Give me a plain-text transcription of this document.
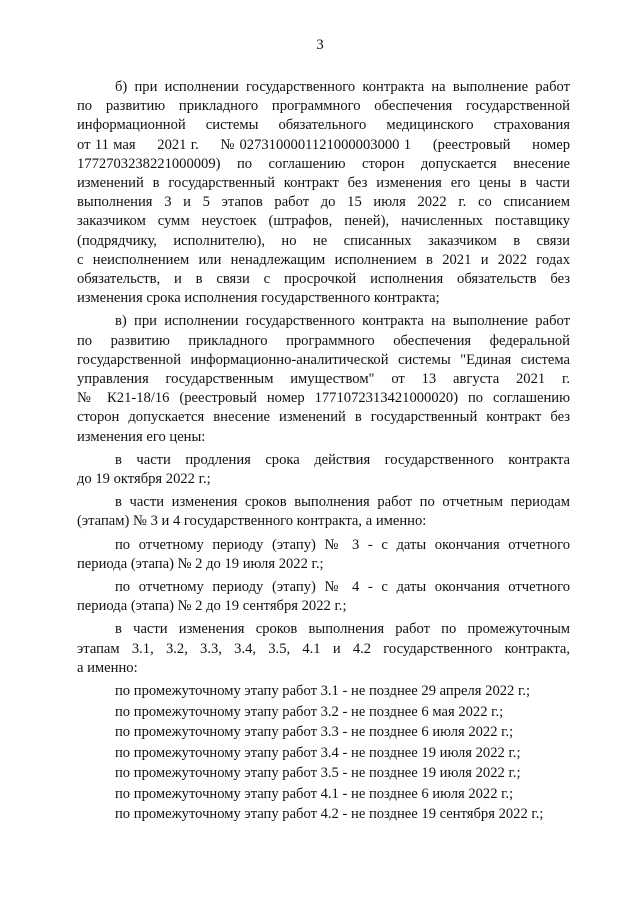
3
б) при исполнении государственного контракта на выполнение работ
по развитию прикладного программного обеспечения государственной
информационной системы обязательного медицинского страхования
от 11 мая     2021 г.     № 0273100001121000003000 1     (реестровый     номер
1772703238221000009) по соглашению сторон допускается внесение
изменений в государственный контракт без изменения его цены в части
выполнения 3 и 5 этапов работ до 15 июля 2022 г. со списанием
заказчиком сумм неустоек (штрафов, пеней), начисленных поставщику
(подрядчику, исполнителю), но не списанных заказчиком в связи
с неисполнением или ненадлежащим исполнением в 2021 и 2022 годах
обязательств, и в связи с просрочкой исполнения обязательств без
изменения срока исполнения государственного контракта;
в) при исполнении государственного контракта на выполнение работ
по развитию прикладного программного обеспечения федеральной
государственной информационно-аналитической системы "Единая система
управления государственным имуществом" от 13 августа 2021 г.
№ К21-18/16 (реестровый номер 1771072313421000020) по соглашению
сторон допускается внесение изменений в государственный контракт без
изменения его цены:
в части продления срока действия государственного контракта
до 19 октября 2022 г.;
в части изменения сроков выполнения работ по отчетным периодам
(этапам) № 3 и 4 государственного контракта, а именно:
по отчетному периоду (этапу) № 3 - с даты окончания отчетного
периода (этапа) № 2 до 19 июля 2022 г.;
по отчетному периоду (этапу) № 4 - с даты окончания отчетного
периода (этапа) № 2 до 19 сентября 2022 г.;
в части изменения сроков выполнения работ по промежуточным
этапам 3.1, 3.2, 3.3, 3.4, 3.5, 4.1 и 4.2 государственного контракта,
а именно:
по промежуточному этапу работ 3.1 - не позднее 29 апреля 2022 г.;
по промежуточному этапу работ 3.2 - не позднее 6 мая 2022 г.;
по промежуточному этапу работ 3.3 - не позднее 6 июля 2022 г.;
по промежуточному этапу работ 3.4 - не позднее 19 июля 2022 г.;
по промежуточному этапу работ 3.5 - не позднее 19 июля 2022 г.;
по промежуточному этапу работ 4.1 - не позднее 6 июля 2022 г.;
по промежуточному этапу работ 4.2 - не позднее 19 сентября 2022 г.;
